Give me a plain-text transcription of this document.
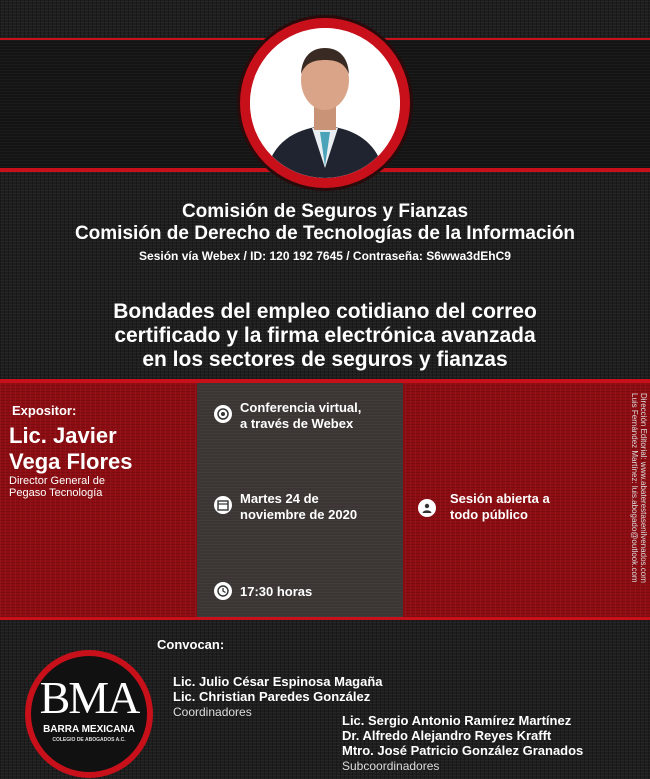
Comisión de Seguros y Fianzas
Comisión de Derecho de Tecnologías de la Información
Sesión vía Webex / ID: 120 192 7645 / Contraseña: S6wwa3dEhC9
Bondades del empleo cotidiano del correo
certificado y la firma electrónica avanzada
en los sectores de seguros y fianzas
Expositor:
Lic. Javier
Vega Flores
Director General de
Pegaso Tecnología
Conferencia virtual,
a través de Webex
Martes 24 de
noviembre de 2020
17:30 horas
Sesión abierta a
todo público	Dirección Editorial: www.abaterestasenilvenados.com
Luis Fernández Martínez: luis.abogado@outlook.com
Convocan:
BMA
BARRA MEXICANA
COLEGIO DE ABOGADOS A.C.
Lic. Julio César Espinosa Magaña
Lic. Christian Paredes González
Coordinadores
Lic. Sergio Antonio Ramírez Martínez
Dr. Alfredo Alejandro Reyes Krafft
Mtro. José Patricio González Granados
Subcoordinadores
